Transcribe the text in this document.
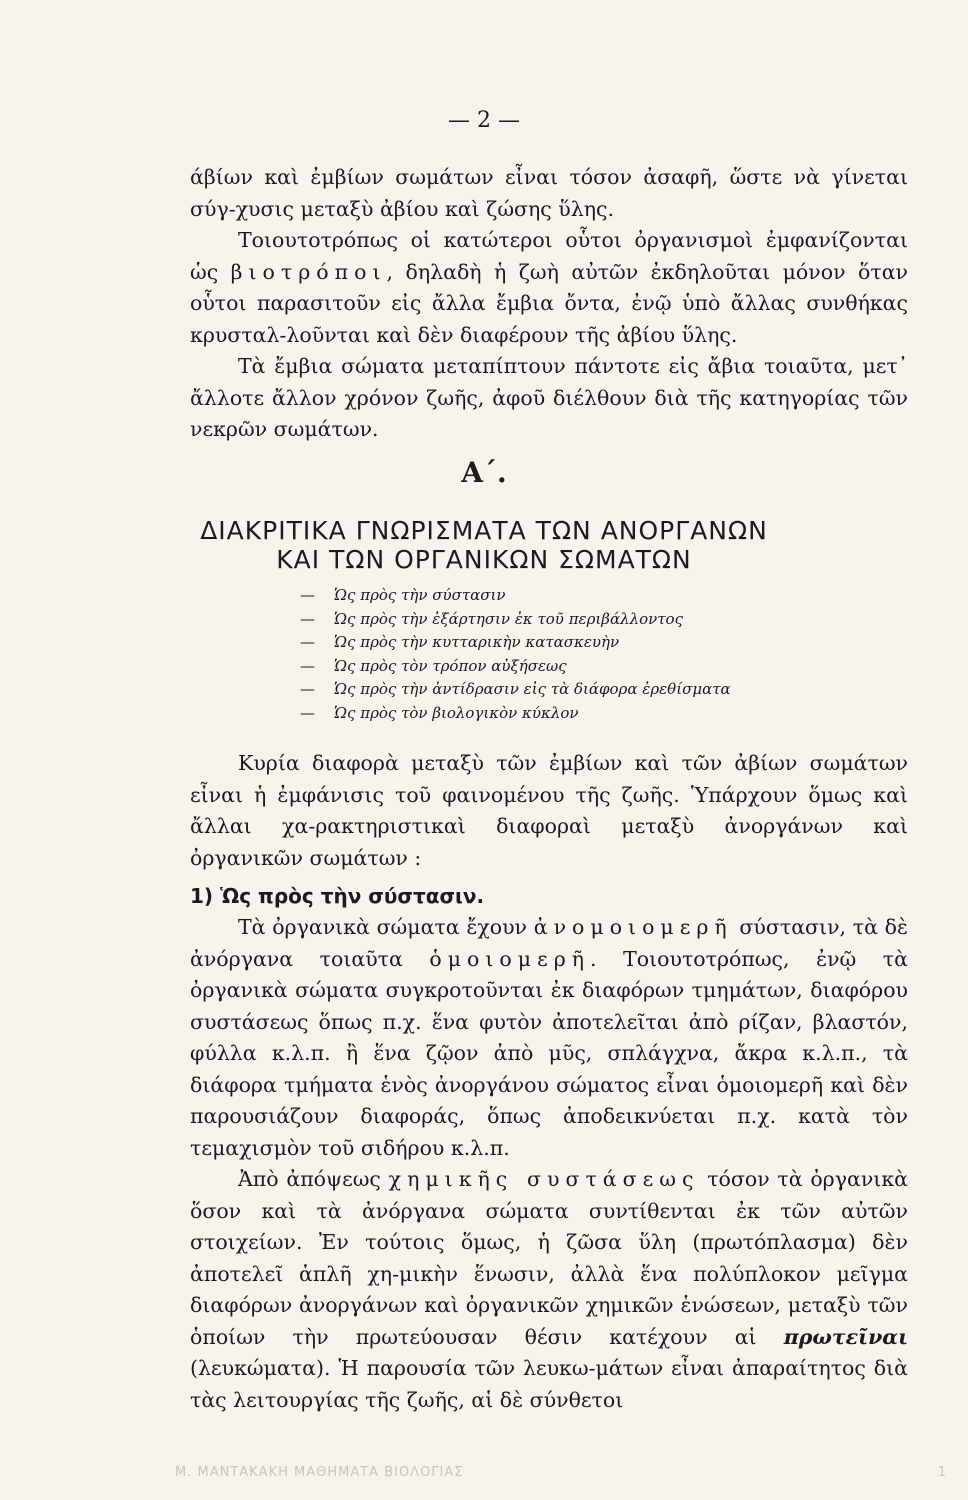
— 2 —

άβίων καὶ ἐμβίων σωμάτων εἶναι τόσον ἀσαφῆ, ὥστε νὰ γίνεται σύγ-χυσις μεταξὺ ἀβίου καὶ ζώσης ὕλης.

Τοιουτοτρόπως οἱ κατώτεροι οὗτοι ὀργανισμοὶ ἐμφανίζονται ὡς βιοτρόποι, δηλαδὴ ἡ ζωὴ αὐτῶν ἐκδηλοῦται μόνον ὅταν οὗτοι παρασιτοῦν εἰς ἄλλα ἔμβια ὄντα, ἐνῷ ὑπὸ ἄλλας συνθήκας κρυσταλ-λοῦνται καὶ δὲν διαφέρουν τῆς ἀβίου ὕλης.

Τὰ ἔμβια σώματα μεταπίπτουν πάντοτε εἰς ἄβια τοιαῦτα, μετ᾽ ἄλλοτε ἄλλον χρόνον ζωῆς, ἀφοῦ διέλθουν διὰ τῆς κατηγορίας τῶν νεκρῶν σωμάτων.

Α΄.
ΔΙΑΚΡΙΤΙΚΑ ΓΝΩΡΙΣΜΑΤΑ ΤΩΝ ΑΝΟΡΓΑΝΩΝ
ΚΑΙ ΤΩΝ ΟΡΓΑΝΙΚΩΝ ΣΩΜΑΤΩΝ
— Ὡς πρὸς τὴν σύστασιν
— Ὡς πρὸς τὴν ἐξάρτησιν ἐκ τοῦ περιβάλλοντος
— Ὡς πρὸς τὴν κυτταρικὴν κατασκευὴν
— Ὡς πρὸς τὸν τρόπον αὐξήσεως
— Ὡς πρὸς τὴν ἀντίδρασιν εἰς τὰ διάφορα ἐρεθίσματα
— Ὡς πρὸς τὸν βιολογικὸν κύκλον

Κυρία διαφορὰ μεταξὺ τῶν ἐμβίων καὶ τῶν ἀβίων σωμάτων εἶναι ἡ ἐμφάνισις τοῦ φαινομένου τῆς ζωῆς. Ὑπάρχουν ὅμως καὶ ἄλλαι χα-ρακτηριστικαὶ διαφοραὶ μεταξὺ ἀνοργάνων καὶ ὀργανικῶν σωμάτων :

1) Ὡς πρὸς τὴν σύστασιν.

Τὰ ὀργανικὰ σώματα ἔχουν ἀνομοιομερῆ σύστασιν, τὰ δὲ ἀνόργανα τοιαῦτα ὁμοιομερῆ. Τοιουτοτρόπως, ἐνῷ τὰ ὀργανικὰ σώματα συγκροτοῦνται ἐκ διαφόρων τμημάτων, διαφόρου συστάσεως ὅπως π.χ. ἕνα φυτὸν ἀποτελεῖται ἀπὸ ρίζαν, βλαστόν, φύλλα κ.λ.π. ἢ ἕνα ζῷον ἀπὸ μῦς, σπλάγχνα, ἄκρα κ.λ.π., τὰ διάφορα τμήματα ἑνὸς ἀνοργάνου σώματος εἶναι ὁμοιομερῆ καὶ δὲν παρουσιάζουν διαφοράς, ὅπως ἀποδεικνύεται π.χ. κατὰ τὸν τεμαχισμὸν τοῦ σιδήρου κ.λ.π.

Ἀπὸ ἀπόψεως χημικῆς συστάσεως τόσον τὰ ὀργανικὰ ὅσον καὶ τὰ ἀνόργανα σώματα συντίθενται ἐκ τῶν αὐτῶν στοιχείων. Ἐν τούτοις ὅμως, ἡ ζῶσα ὕλη (πρωτόπλασμα) δὲν ἀποτελεῖ ἁπλῆ χη-μικὴν ἕνωσιν, ἀλλὰ ἕνα πολύπλοκον μεῖγμα διαφόρων ἀνοργάνων καὶ ὀργανικῶν χημικῶν ἑνώσεων, μεταξὺ τῶν ὁποίων τὴν πρωτεύουσαν θέσιν κατέχουν αἱ πρωτεῖναι (λευκώματα). Ἡ παρουσία τῶν λευκω-μάτων εἶναι ἀπαραίτητος διὰ τὰς λειτουργίας τῆς ζωῆς, αἱ δὲ σύνθετοι

Μ. ΜΑΝΤΑΚΑΚΗ ΜΑΘΗΜΑΤΑ ΒΙΟΛΟΓΙΑΣ	1
